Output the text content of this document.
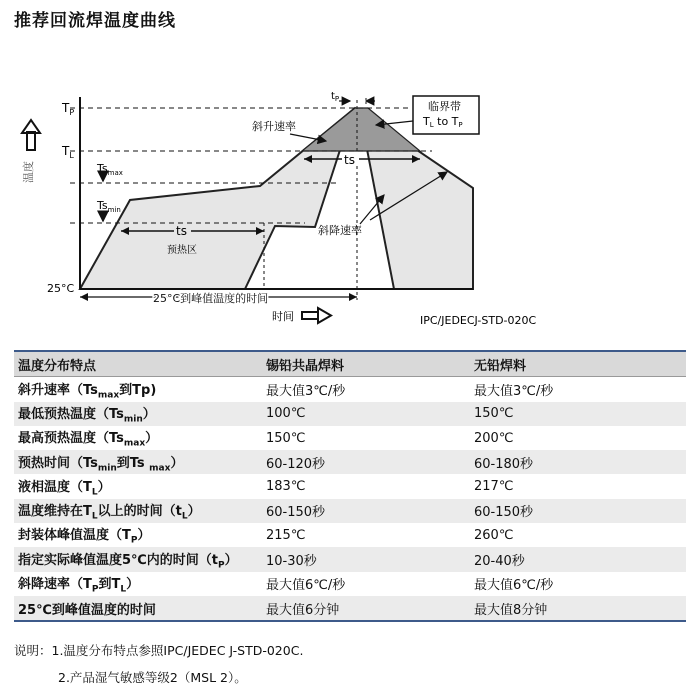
推荐回流焊温度曲线
$T_P$
$T_L$
$Ts_{max}$
$Ts_{min}$
25°C
温度
ts
ts
预热区
$t_P$
斜升速率
斜降速率
临界带
TL to TP
25°C到峰值温度的时间
时间	IPC/JEDECJ-STD-020C
温度分布特点	锡铅共晶焊料	无铅焊料
斜升速率（$Ts_{max}$到Tp)	最大值3℃/秒	最大值3℃/秒
最低预热温度$(Ts_{min})$	100℃	150℃
最高预热温度$(Ts_{max})$	150℃	200℃
预热时间（$Ts_{min}$到Ts $_{max}$）	60-120秒	60-180秒
液相温度$(T_L)$	183℃	217℃
温度维持在$T_L$以上的时间$(t_L)$	60-150秒	60-150秒
封装体峰值温度$(T_P)$	215℃	260℃
指定实际峰值温度5℃内的时间$(t_P)$	10-30秒	20-40秒
斜降速率（$T_P$到$T_L$）	最大值6℃/秒	最大值6℃/秒
25℃到峰值温度的时间	最大值6分钟	最大值8分钟
说明：1.温度分布特点参照IPC/JEDEC J-STD-020C.
2.产品湿气敏感等级2（MSL 2）。
